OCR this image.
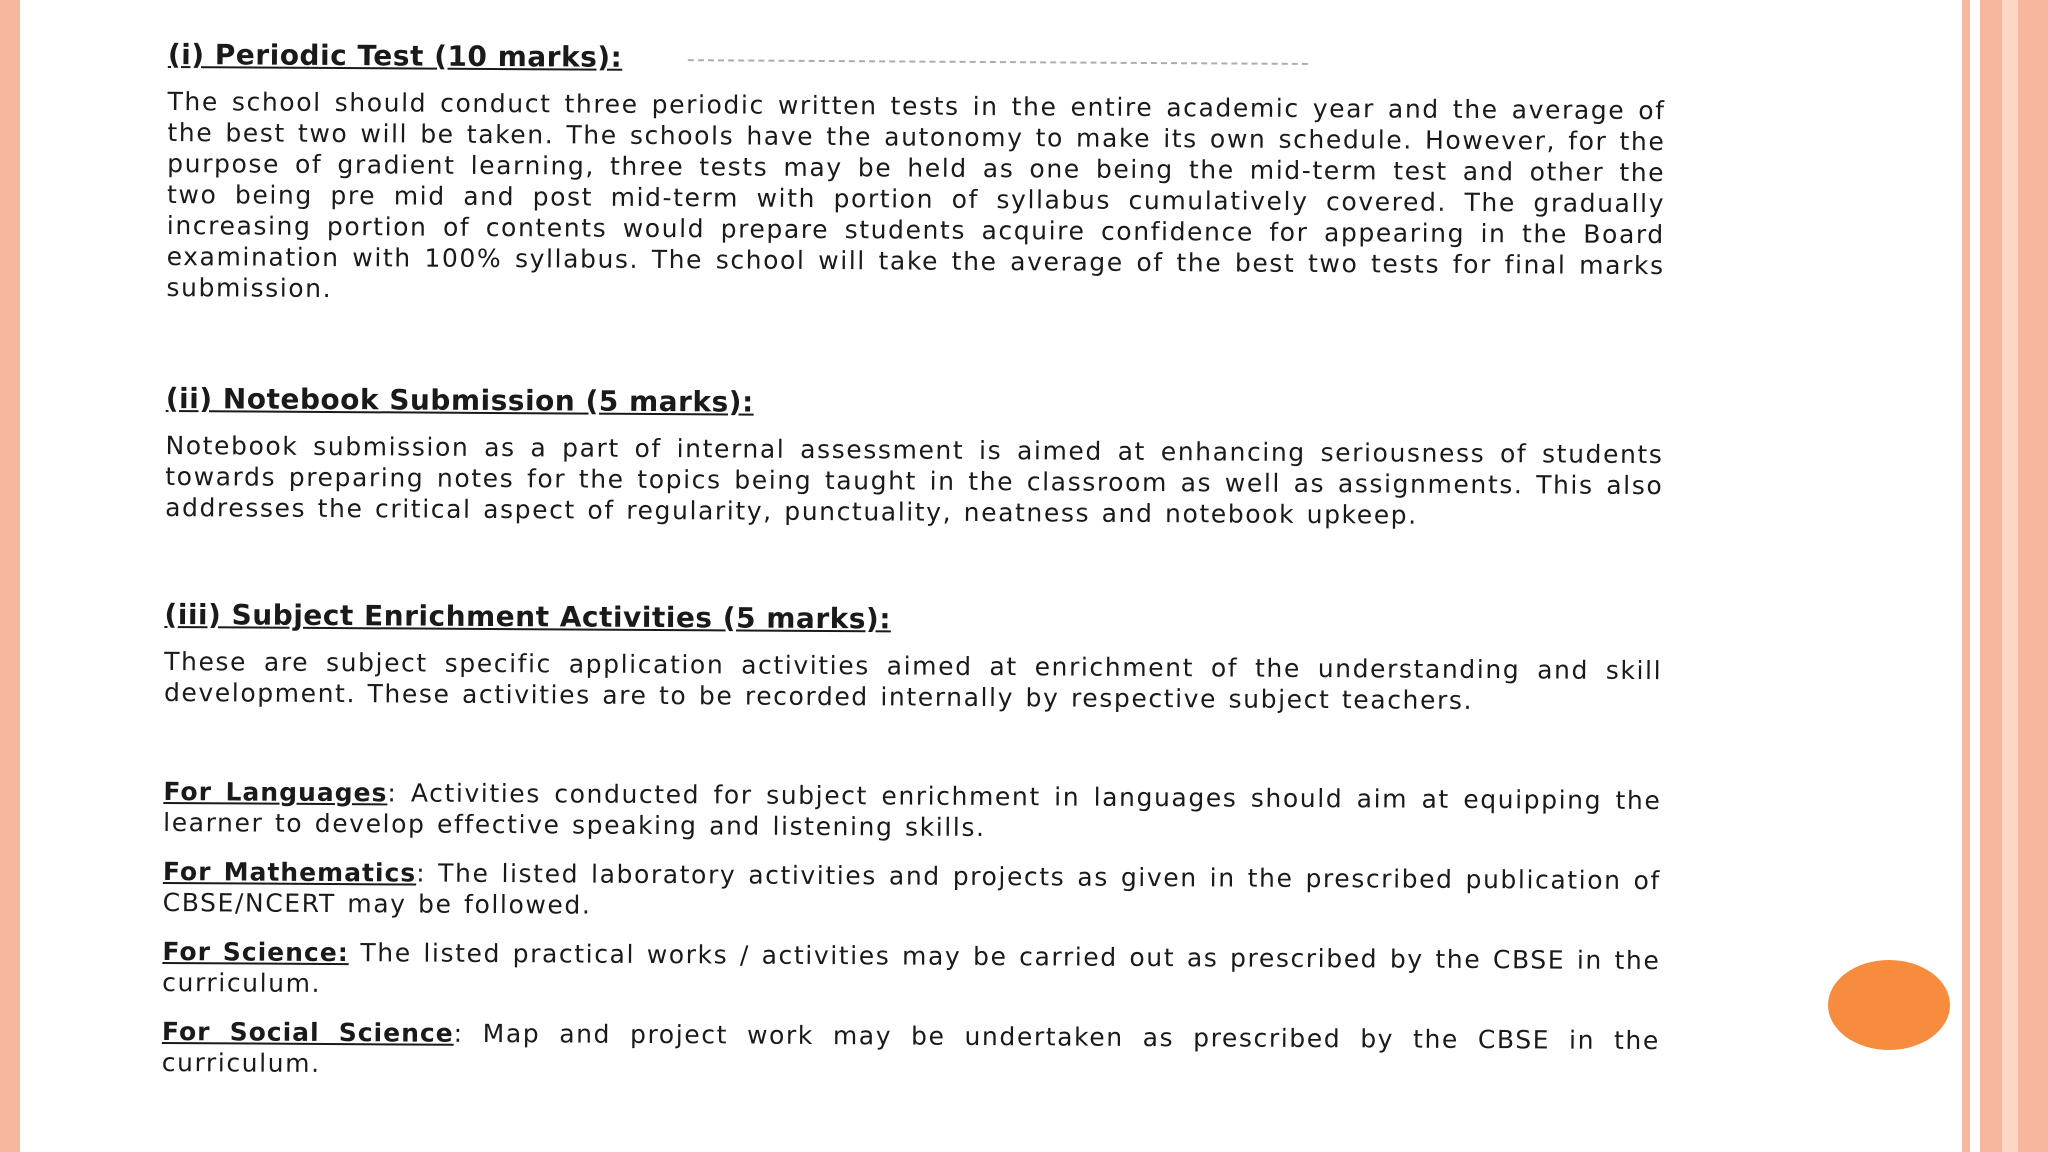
(i) Periodic Test (10 marks):

The school should conduct three periodic written tests in the entire academic year and the average of the best two will be taken. The schools have the autonomy to make its own schedule. However, for the purpose of gradient learning, three tests may be held as one being the mid-term test and other the two being pre mid and post mid-term with portion of syllabus cumulatively covered. The gradually increasing portion of contents would prepare students acquire confidence for appearing in the Board examination with 100% syllabus. The school will take the average of the best two tests for final marks submission.

(ii) Notebook Submission (5 marks):

Notebook submission as a part of internal assessment is aimed at enhancing seriousness of students towards preparing notes for the topics being taught in the classroom as well as assignments. This also addresses the critical aspect of regularity, punctuality, neatness and notebook upkeep.

(iii) Subject Enrichment Activities (5 marks):

These are subject specific application activities aimed at enrichment of the understanding and skill development. These activities are to be recorded internally by respective subject teachers.

For Languages: Activities conducted for subject enrichment in languages should aim at equipping the learner to develop effective speaking and listening skills.

For Mathematics: The listed laboratory activities and projects as given in the prescribed publication of CBSE/NCERT may be followed.

For Science: The listed practical works / activities may be carried out as prescribed by the CBSE in the curriculum.

For Social Science: Map and project work may be undertaken as prescribed by the CBSE in the curriculum.
